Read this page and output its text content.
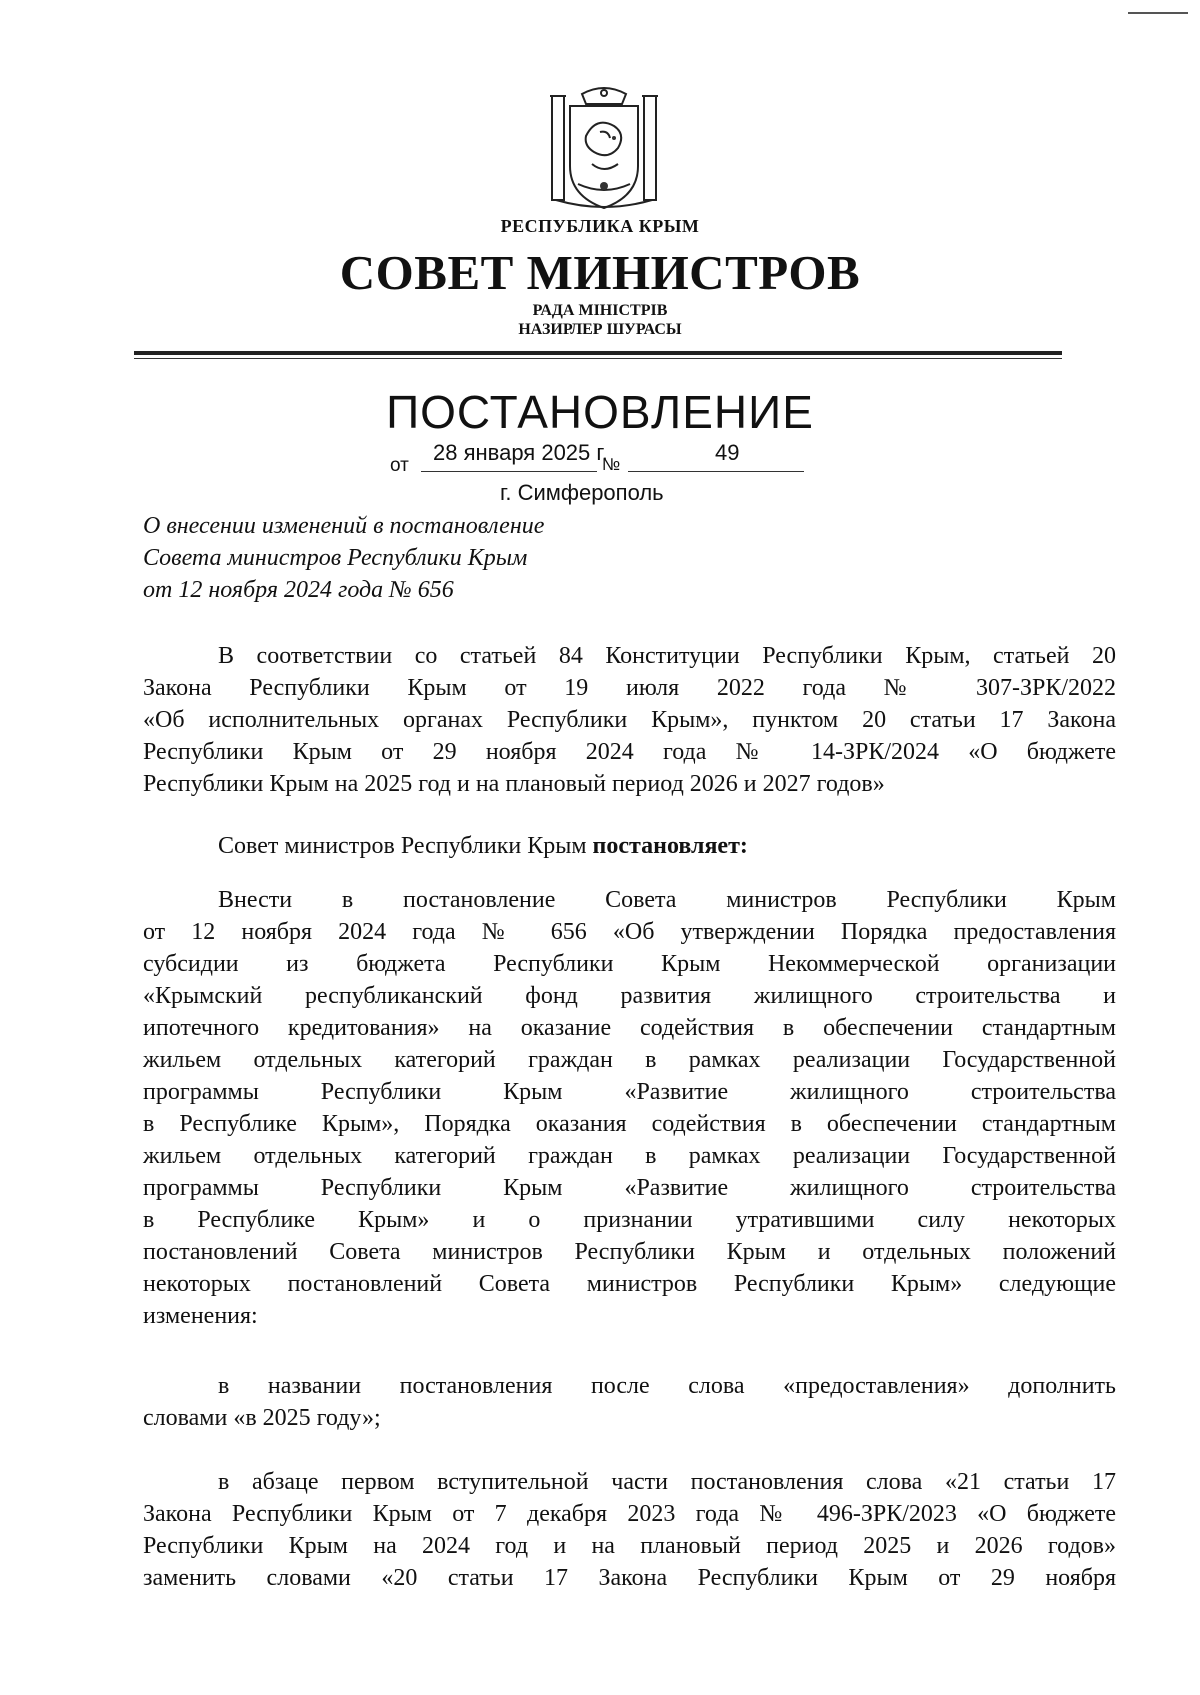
РЕСПУБЛИКА КРЫМ
СОВЕТ МИНИСТРОВ
РАДА МІНІСТРІВ
НАЗИРЛЕР ШУРАСЫ
ПОСТАНОВЛЕНИЕ
от
28 января 2025 г.
№	49
г. Симферополь
О внесении изменений в постановление
Совета министров Республики Крым
от 12 ноября 2024 года № 656
В соответствии со статьей 84 Конституции Республики Крым, статьей 20
Закона Республики Крым от 19 июля 2022 года № 307-ЗРК/2022
«Об исполнительных органах Республики Крым», пунктом 20 статьи 17 Закона
Республики Крым от 29 ноября 2024 года № 14-ЗРК/2024 «О бюджете
Республики Крым на 2025 год и на плановый период 2026 и 2027 годов»
Совет министров Республики Крым постановляет:
Внести в постановление Совета министров Республики Крым
от 12 ноября 2024 года № 656 «Об утверждении Порядка предоставления
субсидии из бюджета Республики Крым Некоммерческой организации
«Крымский республиканский фонд развития жилищного строительства и
ипотечного кредитования» на оказание содействия в обеспечении стандартным
жильем отдельных категорий граждан в рамках реализации Государственной
программы Республики Крым «Развитие жилищного строительства
в Республике Крым», Порядка оказания содействия в обеспечении стандартным
жильем отдельных категорий граждан в рамках реализации Государственной
программы Республики Крым «Развитие жилищного строительства
в Республике Крым» и о признании утратившими силу некоторых
постановлений Совета министров Республики Крым и отдельных положений
некоторых постановлений Совета министров Республики Крым» следующие
изменения:
в названии постановления после слова «предоставления» дополнить
словами «в 2025 году»;
в абзаце первом вступительной части постановления слова «21 статьи 17
Закона Республики Крым от 7 декабря 2023 года № 496-ЗРК/2023 «О бюджете
Республики Крым на 2024 год и на плановый период 2025 и 2026 годов»
заменить словами «20 статьи 17 Закона Республики Крым от 29 ноября
